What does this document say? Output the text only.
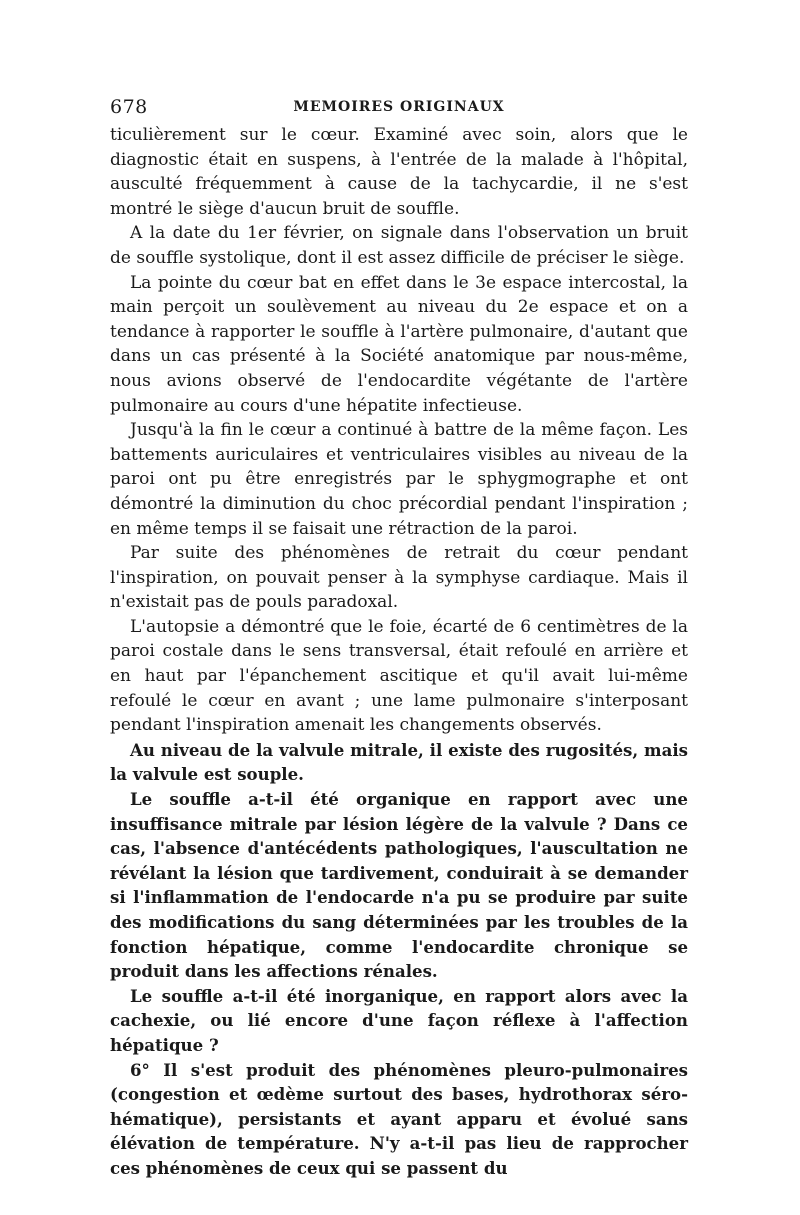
678	MEMOIRES ORIGINAUX

ticulièrement sur le cœur. Examiné avec soin, alors que le diagnostic était en suspens, à l'entrée de la malade à l'hôpital, ausculté fréquemment à cause de la tachycardie, il ne s'est montré le siège d'aucun bruit de souffle.

A la date du 1er février, on signale dans l'observation un bruit de souffle systolique, dont il est assez difficile de préciser le siège.

La pointe du cœur bat en effet dans le 3e espace intercostal, la main perçoit un soulèvement au niveau du 2e espace et on a tendance à rapporter le souffle à l'artère pulmonaire, d'autant que dans un cas présenté à la Société anatomique par nous-même, nous avions observé de l'endocardite végétante de l'artère pulmonaire au cours d'une hépatite infectieuse.

Jusqu'à la fin le cœur a continué à battre de la même façon. Les battements auriculaires et ventriculaires visibles au niveau de la paroi ont pu être enregistrés par le sphygmographe et ont démontré la diminution du choc précordial pendant l'inspiration ; en même temps il se faisait une rétraction de la paroi.

Par suite des phénomènes de retrait du cœur pendant l'inspiration, on pouvait penser à la symphyse cardiaque. Mais il n'existait pas de pouls paradoxal.

L'autopsie a démontré que le foie, écarté de 6 centimètres de la paroi costale dans le sens transversal, était refoulé en arrière et en haut par l'épanchement ascitique et qu'il avait lui-même refoulé le cœur en avant ; une lame pulmonaire s'interposant pendant l'inspiration amenait les changements observés.

Au niveau de la valvule mitrale, il existe des rugosités, mais la valvule est souple.

Le souffle a-t-il été organique en rapport avec une insuffisance mitrale par lésion légère de la valvule ? Dans ce cas, l'absence d'antécédents pathologiques, l'auscultation ne révélant la lésion que tardivement, conduirait à se demander si l'inflammation de l'endocarde n'a pu se produire par suite des modifications du sang déterminées par les troubles de la fonction hépatique, comme l'endocardite chronique se produit dans les affections rénales.

Le souffle a-t-il été inorganique, en rapport alors avec la cachexie, ou lié encore d'une façon réflexe à l'affection hépatique ?

6° Il s'est produit des phénomènes pleuro-pulmonaires (congestion et œdème surtout des bases, hydrothorax séro-hématique), persistants et ayant apparu et évolué sans élévation de température. N'y a-t-il pas lieu de rapprocher ces phénomènes de ceux qui se passent du
